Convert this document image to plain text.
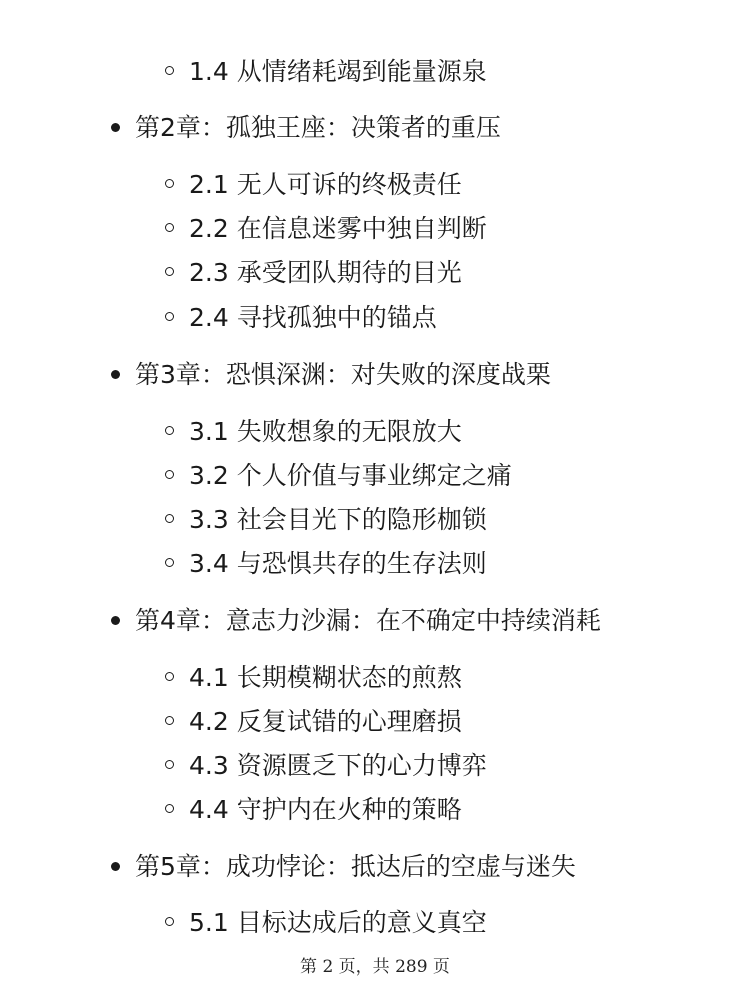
1.4 从情绪耗竭到能量源泉
第2章：孤独王座：决策者的重压
2.1 无人可诉的终极责任
2.2 在信息迷雾中独自判断
2.3 承受团队期待的目光
2.4 寻找孤独中的锚点
第3章：恐惧深渊：对失败的深度战栗
3.1 失败想象的无限放大
3.2 个人价值与事业绑定之痛
3.3 社会目光下的隐形枷锁
3.4 与恐惧共存的生存法则
第4章：意志力沙漏：在不确定中持续消耗
4.1 长期模糊状态的煎熬
4.2 反复试错的心理磨损
4.3 资源匮乏下的心力博弈
4.4 守护内在火种的策略
第5章：成功悖论：抵达后的空虚与迷失
5.1 目标达成后的意义真空
第 2 页，共 289 页
